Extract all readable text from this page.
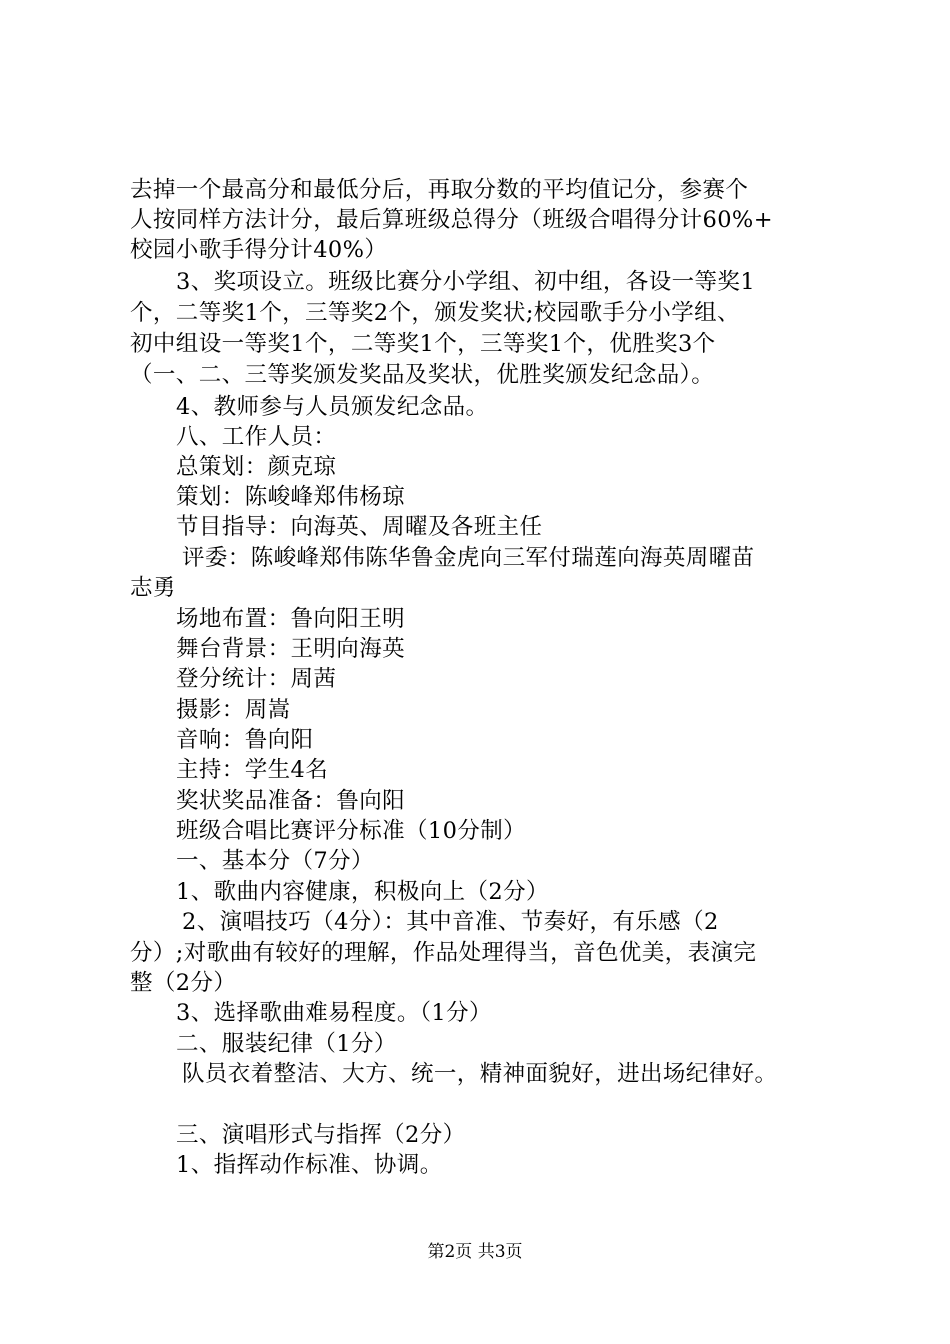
去掉一个最高分和最低分后，再取分数的平均值记分，参赛个
人按同样方法计分，最后算班级总得分（班级合唱得分计60%+
校园小歌手得分计40%）
3、奖项设立。班级比赛分小学组、初中组，各设一等奖1
个，二等奖1个，三等奖2个，颁发奖状;校园歌手分小学组、
初中组设一等奖1个，二等奖1个，三等奖1个，优胜奖3个
（一、二、三等奖颁发奖品及奖状，优胜奖颁发纪念品）。
4、教师参与人员颁发纪念品。
八、工作人员：
总策划：颜克琼
策划：陈峻峰郑伟杨琼
节目指导：向海英、周曜及各班主任
评委：陈峻峰郑伟陈华鲁金虎向三军付瑞莲向海英周曜苗
志勇
场地布置：鲁向阳王明
舞台背景：王明向海英
登分统计：周茜
摄影：周嵩
音响：鲁向阳
主持：学生4名
奖状奖品准备：鲁向阳
班级合唱比赛评分标准（10分制）
一、基本分（7分）
1、歌曲内容健康，积极向上（2分）
2、演唱技巧（4分）：其中音准、节奏好，有乐感（2
分）;对歌曲有较好的理解，作品处理得当，音色优美，表演完
整（2分）
3、选择歌曲难易程度。（1分）
二、服装纪律（1分）
队员衣着整洁、大方、统一，精神面貌好，进出场纪律好。
三、演唱形式与指挥（2分）
1、指挥动作标准、协调。
第2页 共3页
